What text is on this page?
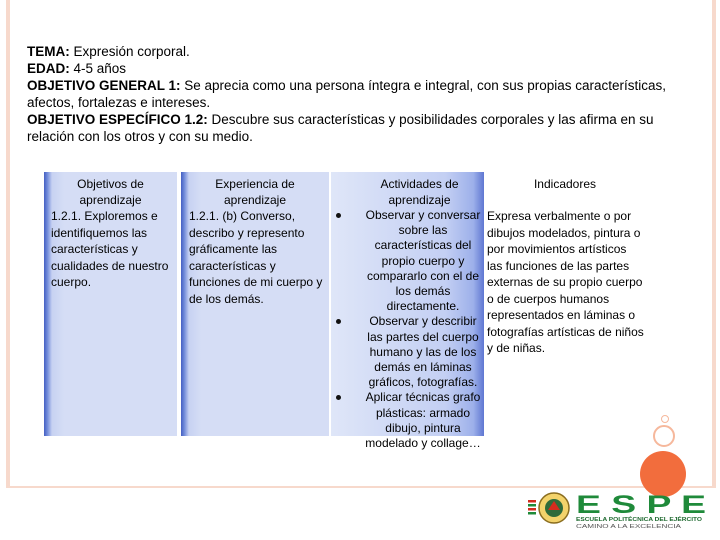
TEMA: Expresión corporal.

EDAD: 4-5 años

OBJETIVO GENERAL 1: Se aprecia como una persona íntegra e integral, con sus propias características, afectos, fortalezas e intereses.

OBJETIVO ESPECÍFICO 1.2: Descubre sus características y posibilidades corporales y las afirma en su relación con los otros y con su medio.

Objetivos de aprendizaje
1.2.1. Exploremos e identifiquemos las características y cualidades de nuestro cuerpo.
Experiencia de aprendizaje
1.2.1. (b) Converso, describo y represento gráficamente las características y funciones de mi cuerpo y de los demás.
Actividades de aprendizaje
Observar y conversar sobre las características del propio cuerpo y compararlo con el de los demás directamente.
Observar y describir las partes del cuerpo humano y las de los demás en láminas gráficos, fotografías.
Aplicar técnicas grafo plásticas: armado dibujo, pintura modelado y collage…
Indicadores
Expresa verbalmente o por dibujos modelados, pintura o por movimientos artísticos las funciones de las partes externas de su propio cuerpo o de cuerpos humanos representados en láminas o fotografías artísticas de niños y de niñas.
E S P E
ESCUELA POLITÉCNICA DEL EJÉRCITO
CAMINO A LA EXCELENCIA
